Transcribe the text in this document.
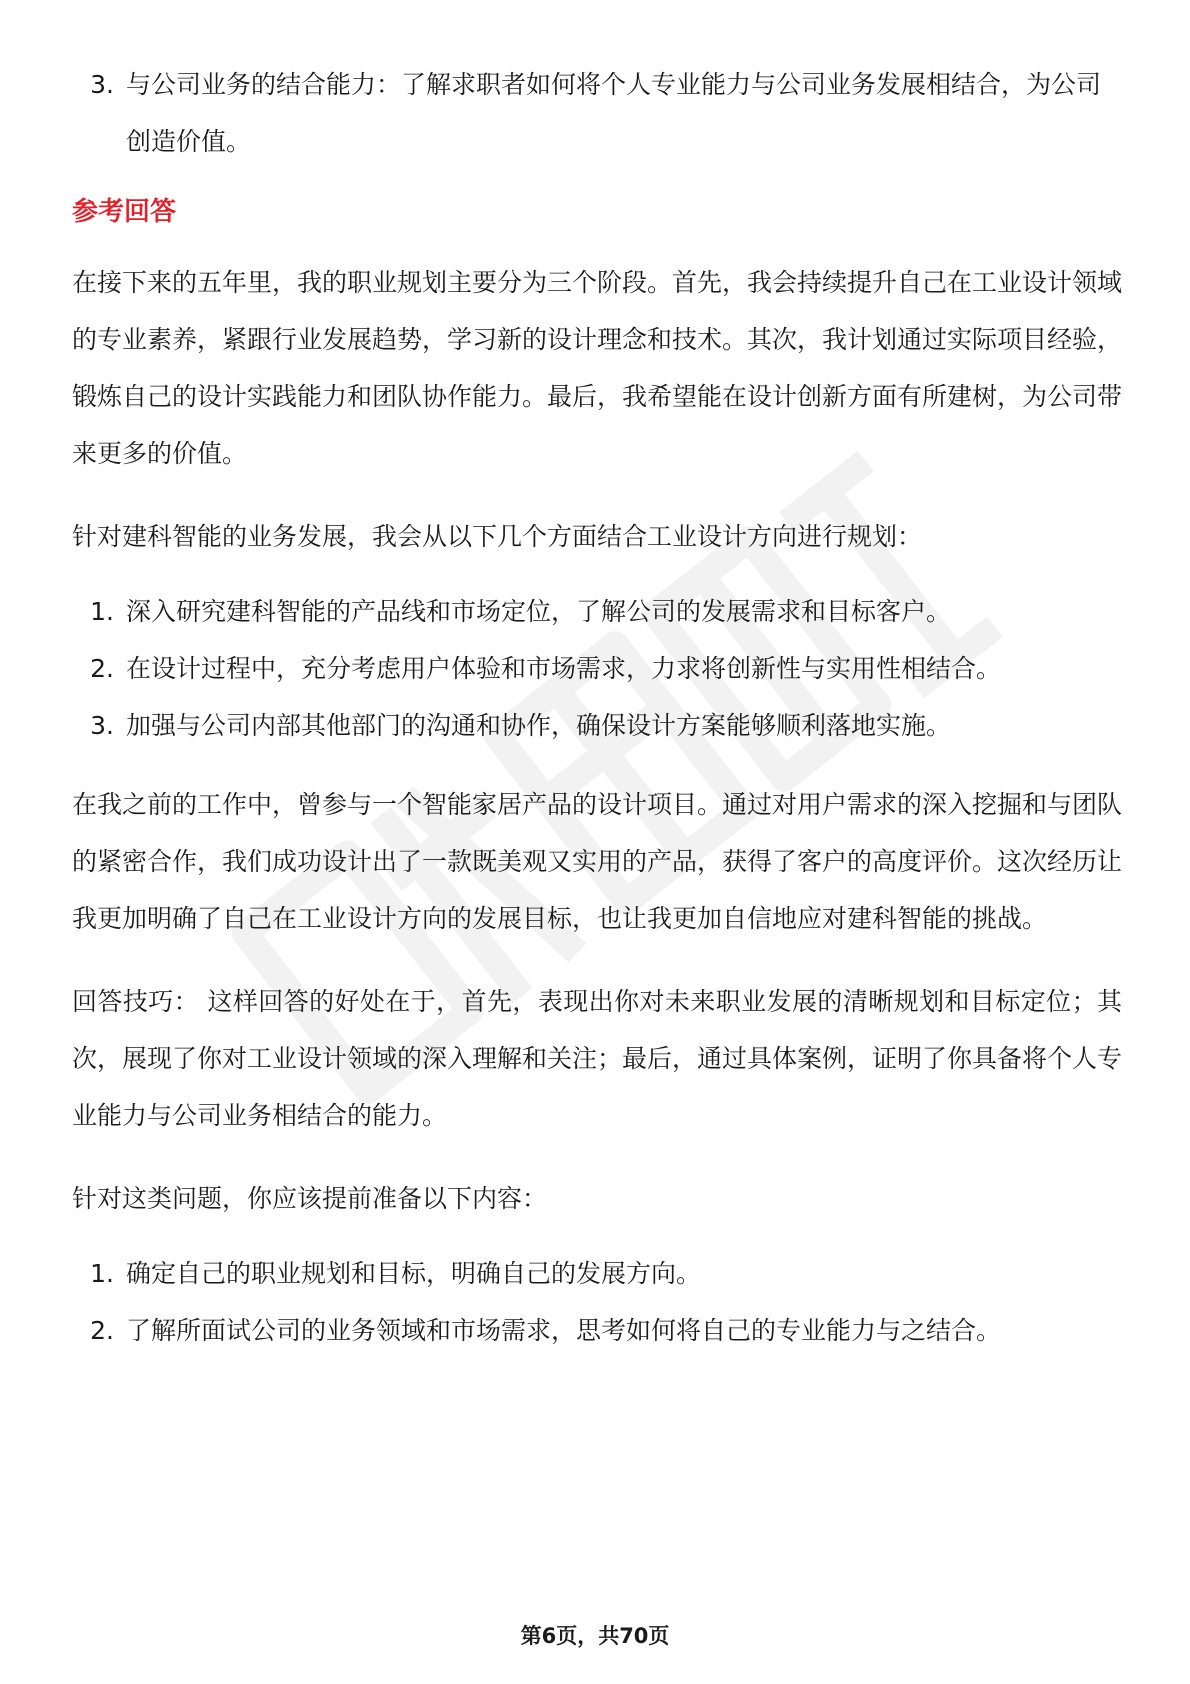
3. 与公司业务的结合能力：了解求职者如何将个人专业能力与公司业务发展相结合，为公司创造价值。
参考回答

在接下来的五年里，我的职业规划主要分为三个阶段。首先，我会持续提升自己在工业设计领域的专业素养，紧跟行业发展趋势，学习新的设计理念和技术。其次，我计划通过实际项目经验，锻炼自己的设计实践能力和团队协作能力。最后，我希望能在设计创新方面有所建树，为公司带来更多的价值。

针对建科智能的业务发展，我会从以下几个方面结合工业设计方向进行规划：

1. 深入研究建科智能的产品线和市场定位，了解公司的发展需求和目标客户。
2. 在设计过程中，充分考虑用户体验和市场需求，力求将创新性与实用性相结合。
3. 加强与公司内部其他部门的沟通和协作，确保设计方案能够顺利落地实施。

在我之前的工作中，曾参与一个智能家居产品的设计项目。通过对用户需求的深入挖掘和与团队的紧密合作，我们成功设计出了一款既美观又实用的产品，获得了客户的高度评价。这次经历让我更加明确了自己在工业设计方向的发展目标，也让我更加自信地应对建科智能的挑战。

回答技巧： 这样回答的好处在于，首先，表现出你对未来职业发展的清晰规划和目标定位；其次，展现了你对工业设计领域的深入理解和关注；最后，通过具体案例，证明了你具备将个人专业能力与公司业务相结合的能力。

针对这类问题，你应该提前准备以下内容：

1. 确定自己的职业规划和目标，明确自己的发展方向。
2. 了解所面试公司的业务领域和市场需求，思考如何将自己的专业能力与之结合。
第6页，共70页
